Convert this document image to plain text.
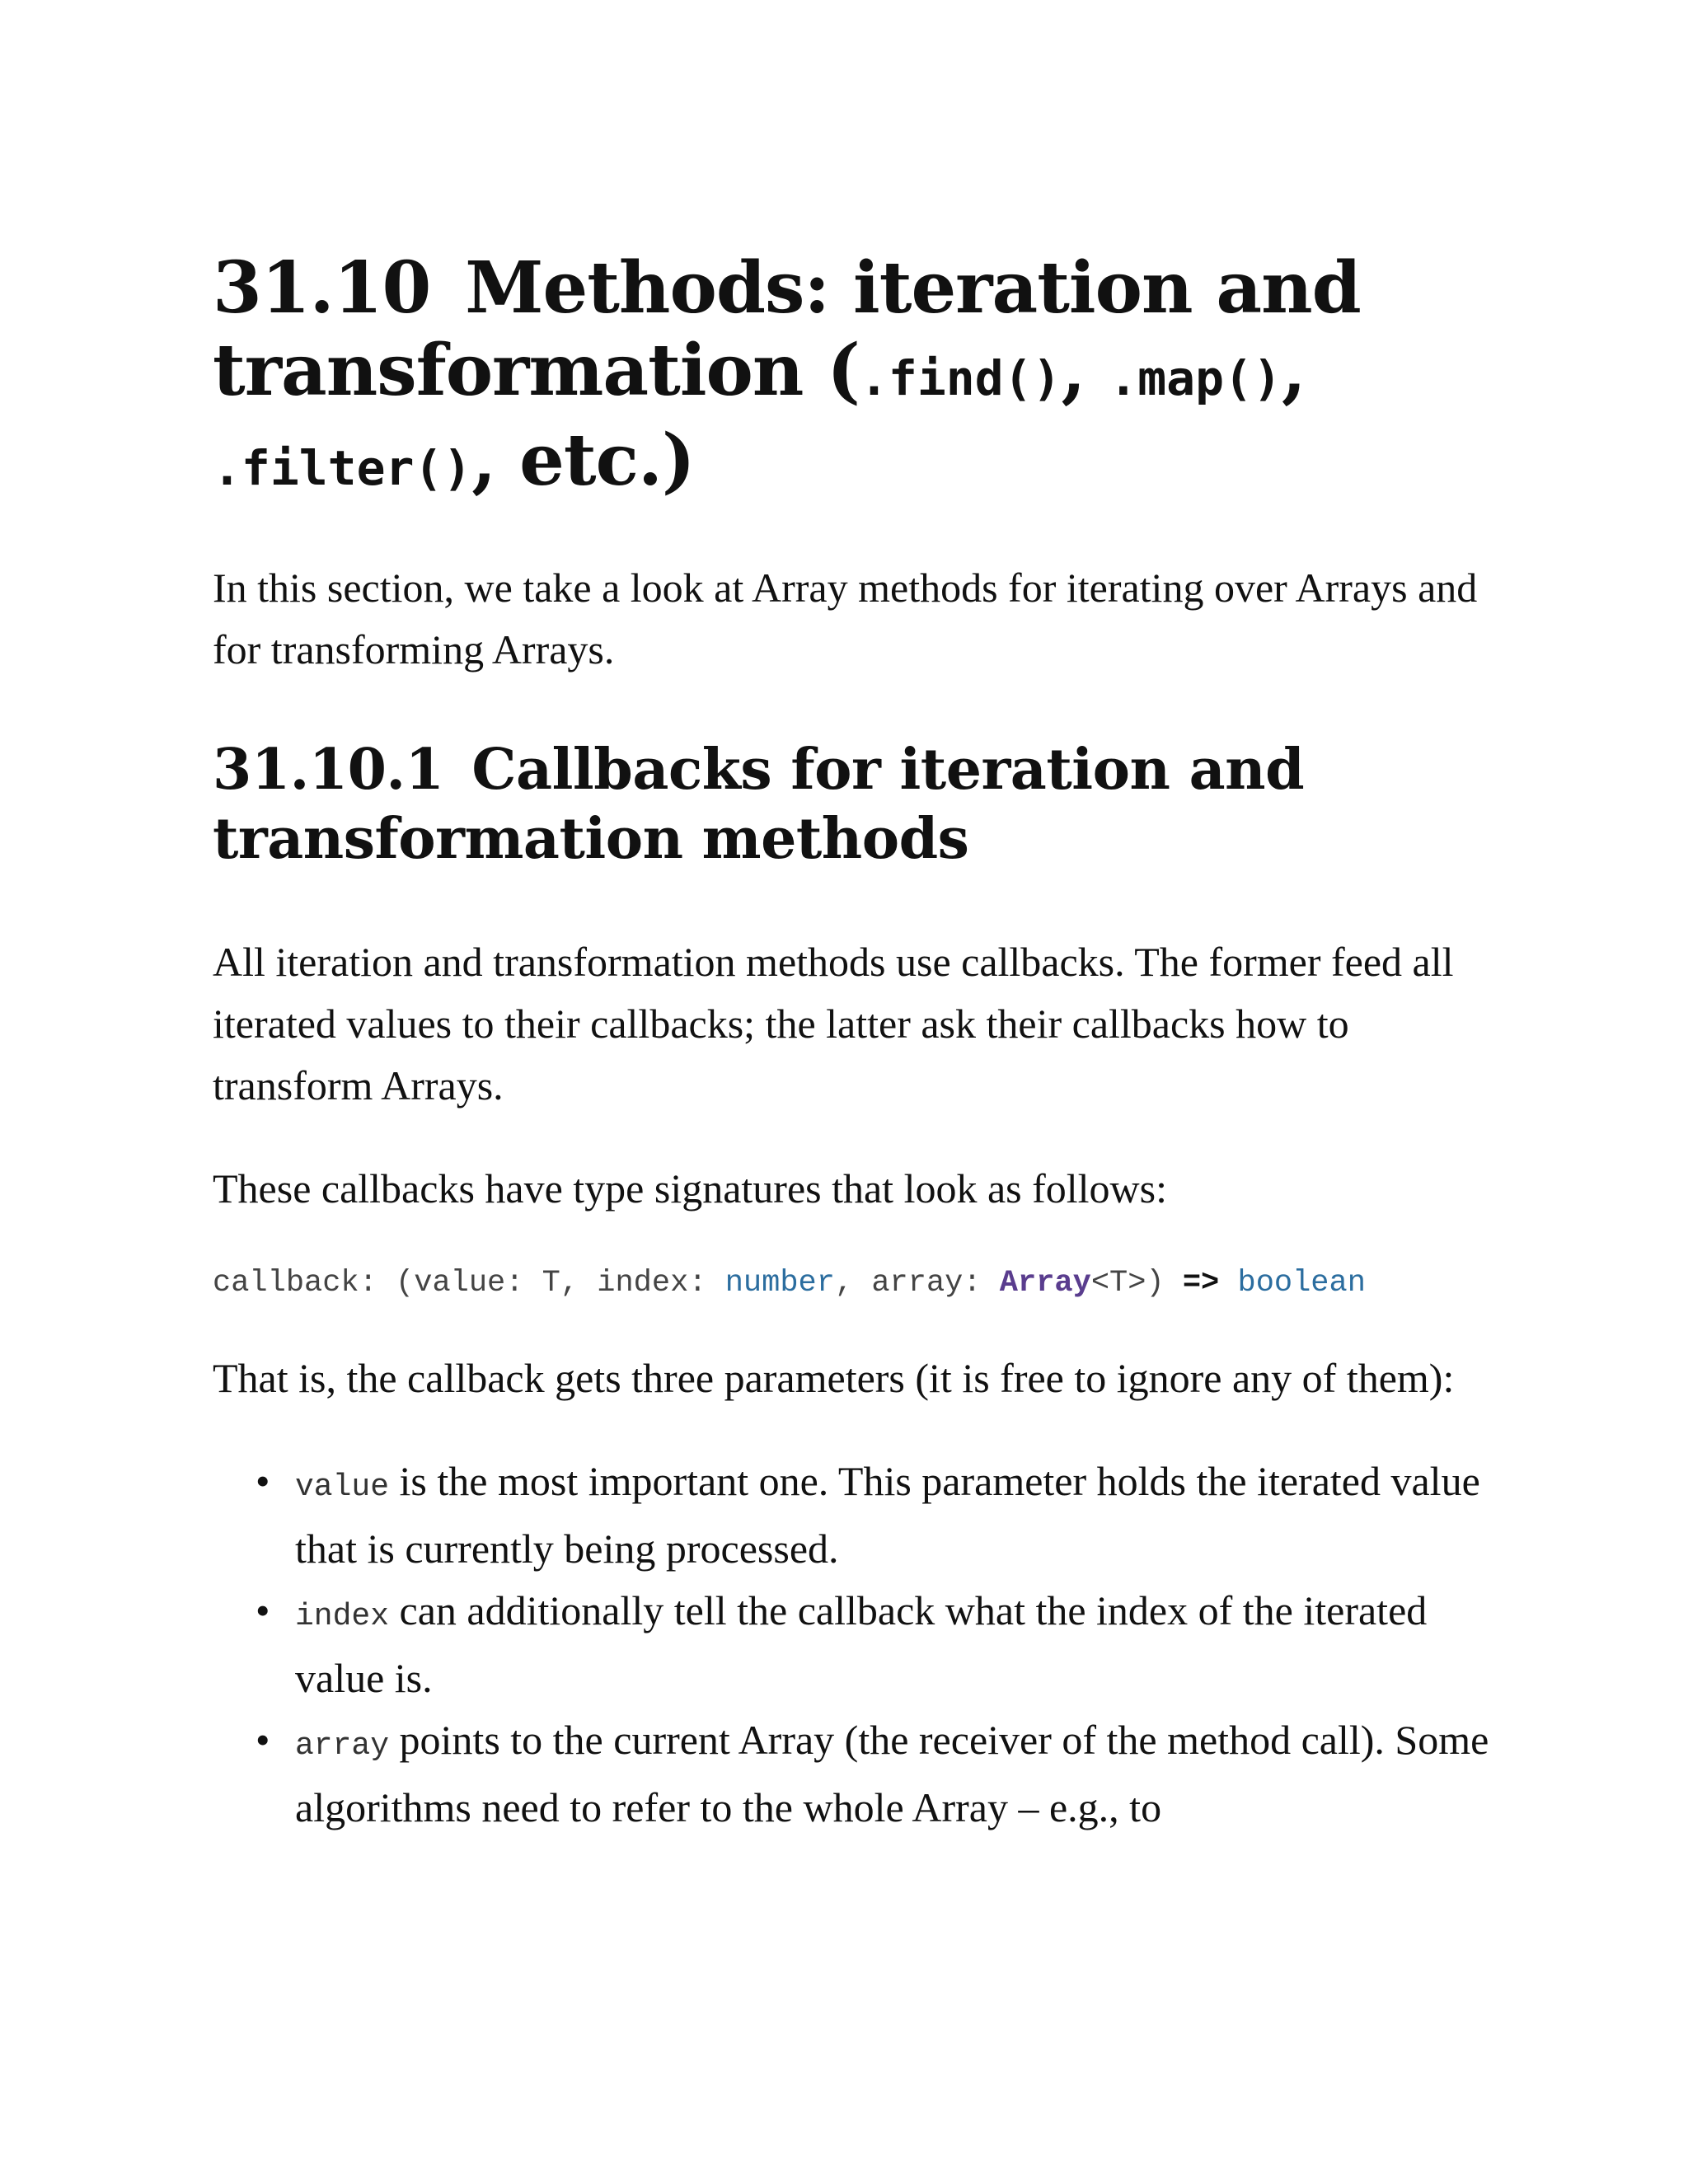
31.10 Methods: iteration and transformation (.find(), .map(),
.filter(), etc.)

In this section, we take a look at Array methods for iterating over Arrays and for transforming Arrays.

31.10.1 Callbacks for iteration and transformation methods

All iteration and transformation methods use callbacks. The former feed all iterated values to their callbacks; the latter ask their callbacks how to transform Arrays.

These callbacks have type signatures that look as follows:

callback: (value: T, index: number, array: Array<T>) => boolean

That is, the callback gets three parameters (it is free to ignore any of them):

• value is the most important one. This parameter holds the iterated value that is currently being processed.
• index can additionally tell the callback what the index of the iterated value is.
• array points to the current Array (the receiver of the method call). Some algorithms need to refer to the whole Array – e.g., to
